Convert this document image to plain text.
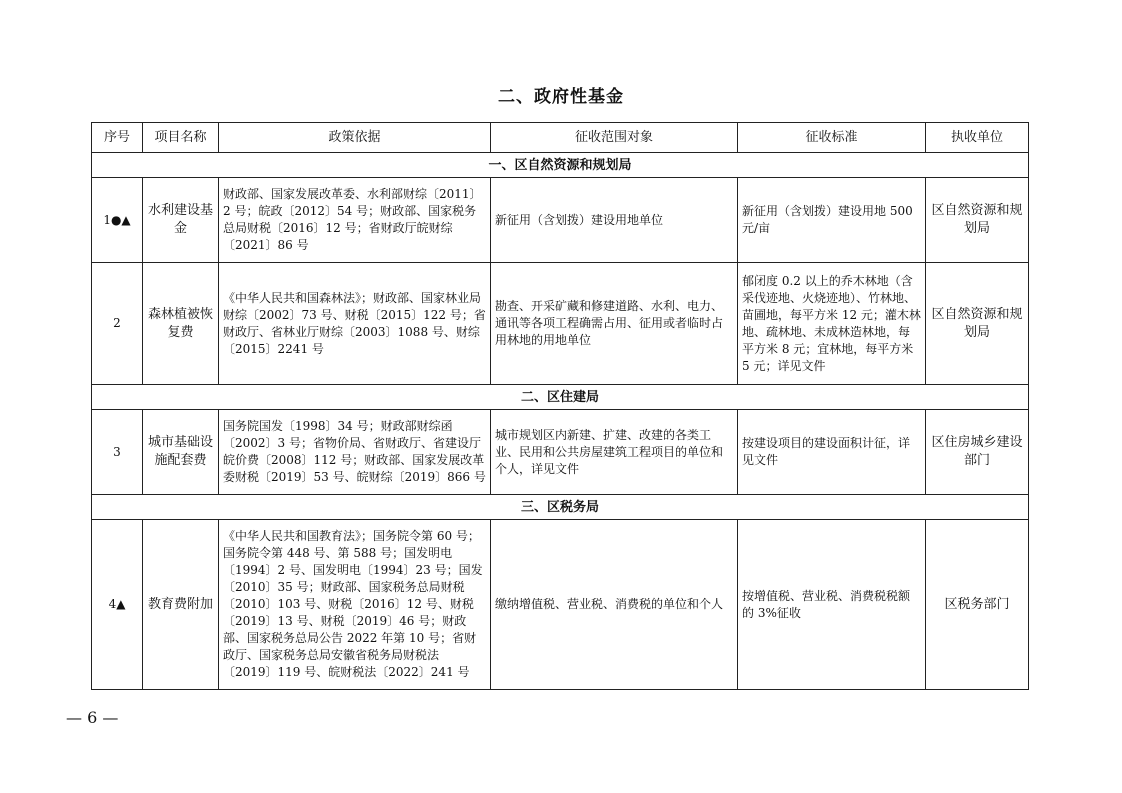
二、政府性基金
序号	项目名称	政策依据	征收范围对象	征收标准	执收单位
一、区自然资源和规划局					
1●▲	水利建设基金	财政部、国家发展改革委、水利部财综〔2011〕2 号；皖政〔2012〕54 号；财政部、国家税务总局财税〔2016〕12 号；省财政厅皖财综〔2021〕86 号	新征用（含划拨）建设用地单位	新征用（含划拨）建设用地 500 元/亩	区自然资源和规划局
2	森林植被恢复费	《中华人民共和国森林法》；财政部、国家林业局财综〔2002〕73 号、财税〔2015〕122 号；省财政厅、省林业厅财综〔2003〕1088 号、财综〔2015〕2241 号	勘查、开采矿藏和修建道路、水利、电力、通讯等各项工程确需占用、征用或者临时占用林地的用地单位	郁闭度 0.2 以上的乔木林地（含采伐迹地、火烧迹地）、竹林地、苗圃地，每平方米 12 元；灌木林地、疏林地、未成林造林地，每平方米 8 元；宜林地，每平方米 5 元；详见文件	区自然资源和规划局
二、区住建局					
3	城市基础设施配套费	国务院国发〔1998〕34 号；财政部财综函〔2002〕3 号；省物价局、省财政厅、省建设厅皖价费〔2008〕112 号；财政部、国家发展改革委财税〔2019〕53 号、皖财综〔2019〕866 号	城市规划区内新建、扩建、改建的各类工业、民用和公共房屋建筑工程项目的单位和个人，详见文件	按建设项目的建设面积计征，详见文件	区住房城乡建设部门
三、区税务局					
4▲	教育费附加	《中华人民共和国教育法》；国务院令第 60 号；国务院令第 448 号、第 588 号；国发明电〔1994〕2 号、国发明电〔1994〕23 号；国发〔2010〕35 号；财政部、国家税务总局财税〔2010〕103 号、财税〔2016〕12 号、财税〔2019〕13 号、财税〔2019〕46 号；财政部、国家税务总局公告 2022 年第 10 号；省财政厅、国家税务总局安徽省税务局财税法〔2019〕119 号、皖财税法〔2022〕241 号	缴纳增值税、营业税、消费税的单位和个人	按增值税、营业税、消费税税额的 3%征收	区税务部门
— 6 —
